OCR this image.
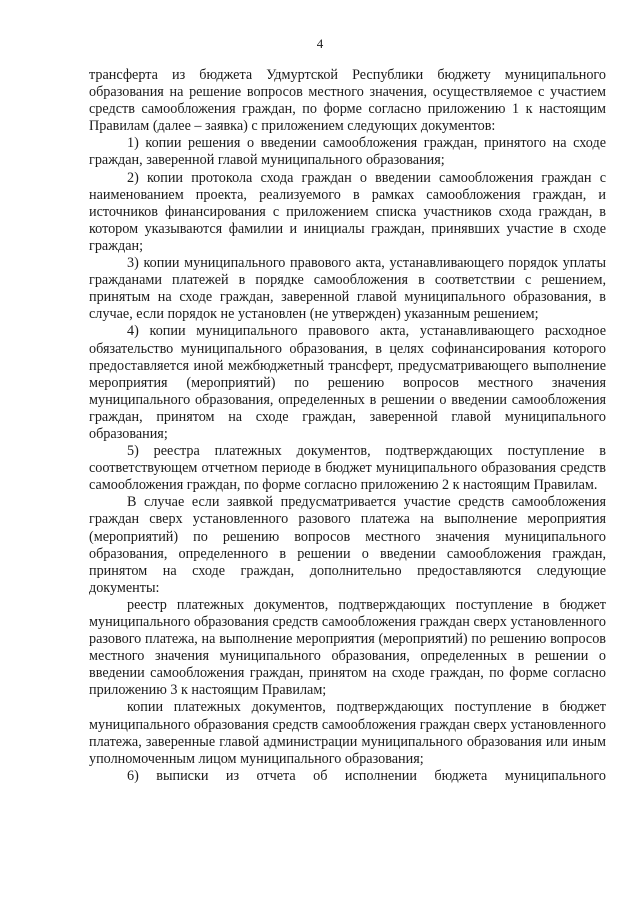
4

трансферта из бюджета Удмуртской Республики бюджету муниципального образования на решение вопросов местного значения, осуществляемое с участием средств самообложения граждан, по форме согласно приложению 1 к настоящим Правилам (далее – заявка) с приложением следующих документов:

1) копии решения о введении самообложения граждан, принятого на сходе граждан, заверенной главой муниципального образования;

2) копии протокола схода граждан о введении самообложения граждан с наименованием проекта, реализуемого в рамках самообложения граждан, и источников финансирования с приложением списка участников схода граждан, в котором указываются фамилии и инициалы граждан, принявших участие в сходе граждан;

3) копии муниципального правового акта, устанавливающего порядок уплаты гражданами платежей в порядке самообложения в соответствии с решением, принятым на сходе граждан, заверенной главой муниципального образования, в случае, если порядок не установлен (не утвержден) указанным решением;

4) копии муниципального правового акта, устанавливающего расходное обязательство муниципального образования, в целях софинансирования которого предоставляется иной межбюджетный трансферт, предусматривающего выполнение мероприятия (мероприятий) по решению вопросов местного значения муниципального образования, определенных в решении о введении самообложения граждан, принятом на сходе граждан, заверенной главой муниципального образования;

5) реестра платежных документов, подтверждающих поступление в соответствующем отчетном периоде в бюджет муниципального образования средств самообложения граждан, по форме согласно приложению 2 к настоящим Правилам.

В случае если заявкой предусматривается участие средств самообложения граждан сверх установленного разового платежа на выполнение мероприятия (мероприятий) по решению вопросов местного значения муниципального образования, определенного в решении о введении самообложения граждан, принятом на сходе граждан, дополнительно предоставляются следующие документы:

реестр платежных документов, подтверждающих поступление в бюджет муниципального образования средств самообложения граждан сверх установленного разового платежа, на выполнение мероприятия (мероприятий) по решению вопросов местного значения муниципального образования, определенных в решении о введении самообложения граждан, принятом на сходе граждан, по форме согласно приложению 3 к настоящим Правилам;

копии платежных документов, подтверждающих поступление в бюджет муниципального образования средств самообложения граждан сверх установленного платежа, заверенные главой администрации муниципального образования или иным уполномоченным лицом муниципального образования;

6) выписки из отчета об исполнении бюджета муниципального
